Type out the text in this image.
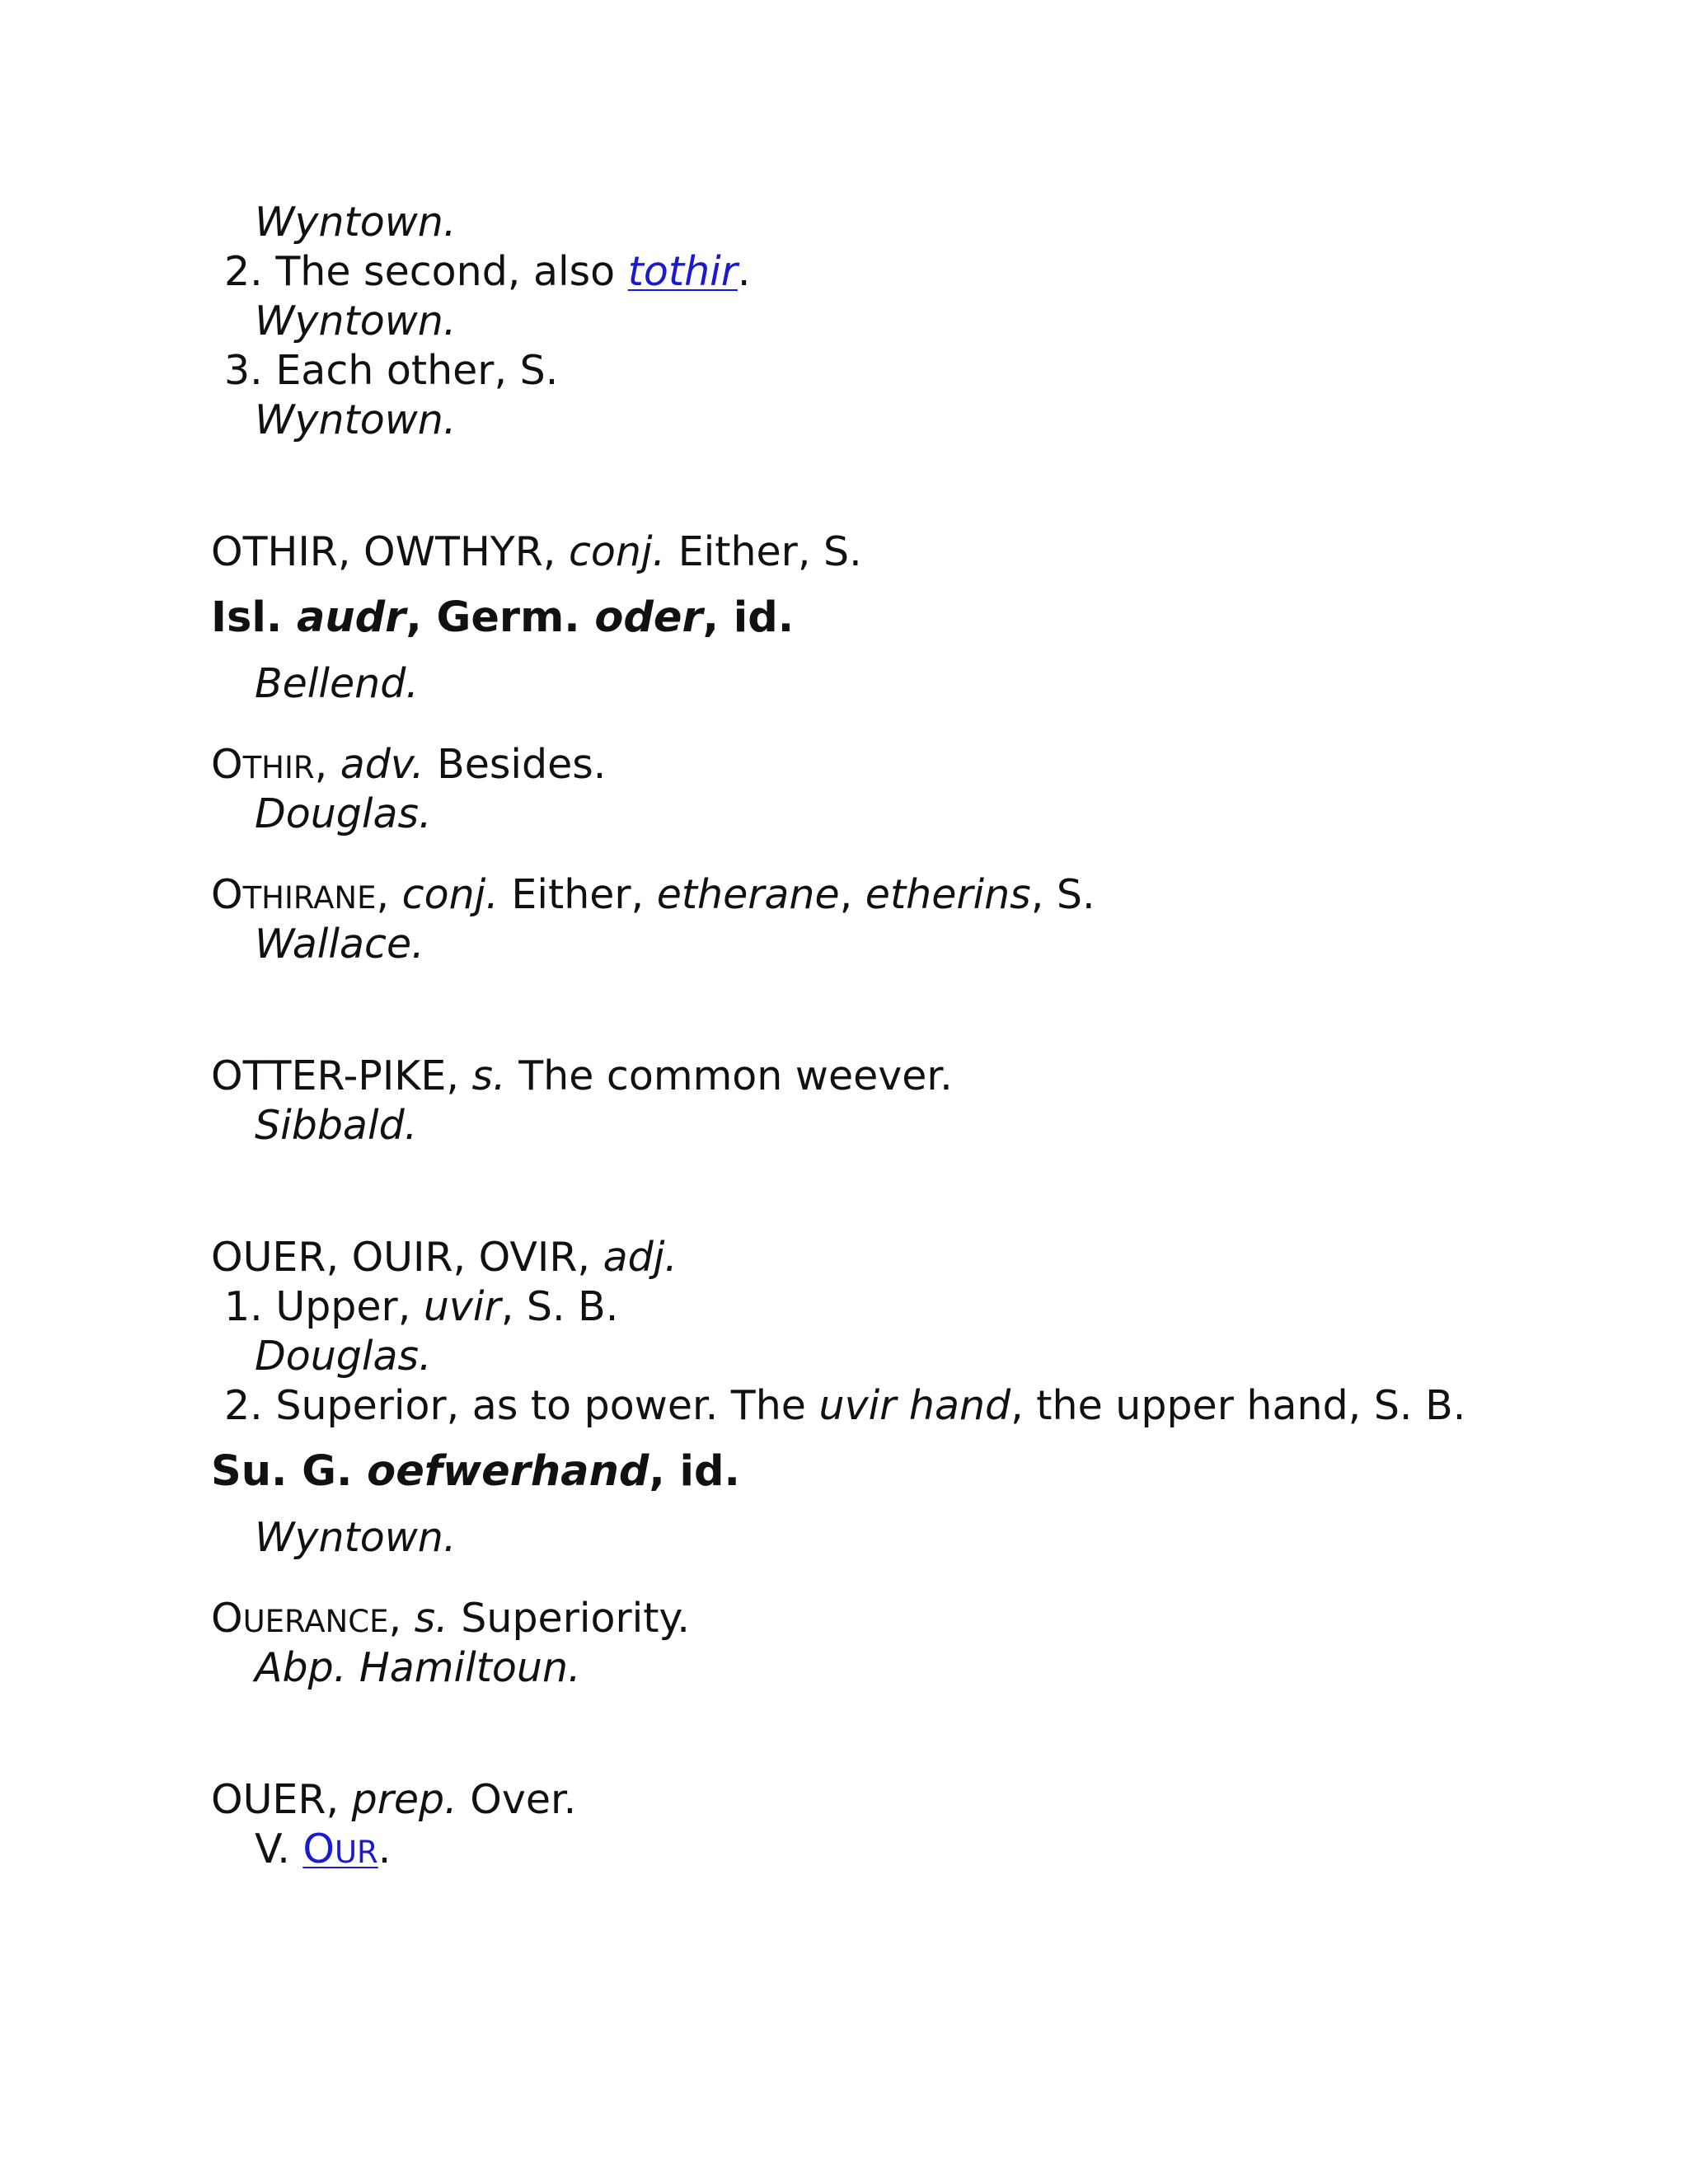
Wyntown.
2. The second, also tothir.
Wyntown.
3. Each other, S.
Wyntown.
OTHIR, OWTHYR, conj. Either, S.
Isl. audr, Germ. oder, id.
Bellend.
OTHIR, adv. Besides.
Douglas.
OTHIRANE, conj. Either, etherane, etherins, S.
Wallace.
OTTER-PIKE, s. The common weever.
Sibbald.
OUER, OUIR, OVIR, adj.
1. Upper, uvir, S. B.
Douglas.
2. Superior, as to power. The uvir hand, the upper hand, S. B.
Su. G. oefwerhand, id.
Wyntown.
OUERANCE, s. Superiority.
Abp. Hamiltoun.
OUER, prep. Over.
V. OUR.
